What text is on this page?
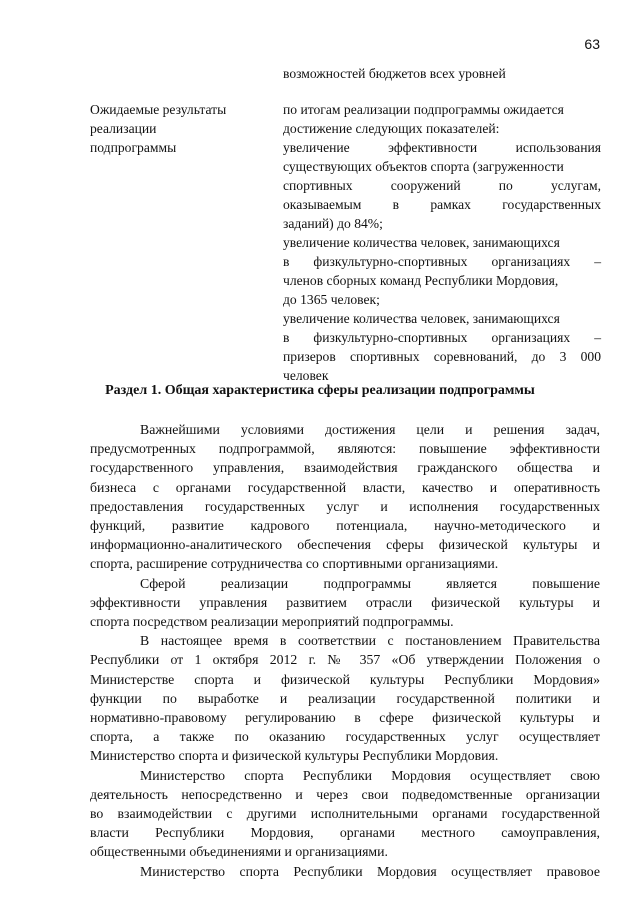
63
возможностей бюджетов всех уровней
Ожидаемые результаты
реализации
подпрограммы
по итогам реализации подпрограммы ожидается
достижение следующих показателей:
увеличение эффективности использования
существующих объектов спорта (загруженности
спортивных сооружений по услугам,
оказываемым в рамках государственных
заданий) до 84%;
увеличение количества человек, занимающихся
в физкультурно-спортивных организациях –
членов сборных команд Республики Мордовия,
до 1365 человек;
увеличение количества человек, занимающихся
в физкультурно-спортивных организациях –
призеров спортивных соревнований, до 3 000
человек
Раздел 1. Общая характеристика сферы реализации подпрограммы
Важнейшими условиями достижения цели и решения задач,
предусмотренных подпрограммой, являются: повышение эффективности
государственного управления, взаимодействия гражданского общества и
бизнеса с органами государственной власти, качество и оперативность
предоставления государственных услуг и исполнения государственных
функций, развитие кадрового потенциала, научно-методического и
информационно-аналитического обеспечения сферы физической культуры и
спорта, расширение сотрудничества со спортивными организациями.
Сферой реализации подпрограммы является повышение
эффективности управления развитием отрасли физической культуры и
спорта посредством реализации мероприятий подпрограммы.
В настоящее время в соответствии с постановлением Правительства
Республики от 1 октября 2012 г. № 357 «Об утверждении Положения о
Министерстве спорта и физической культуры Республики Мордовия»
функции по выработке и реализации государственной политики и
нормативно-правовому регулированию в сфере физической культуры и
спорта, а также по оказанию государственных услуг осуществляет
Министерство спорта и физической культуры Республики Мордовия.
Министерство спорта Республики Мордовия осуществляет свою
деятельность непосредственно и через свои подведомственные организации
во взаимодействии с другими исполнительными органами государственной
власти Республики Мордовия, органами местного самоуправления,
общественными объединениями и организациями.
Министерство спорта Республики Мордовия осуществляет правовое
